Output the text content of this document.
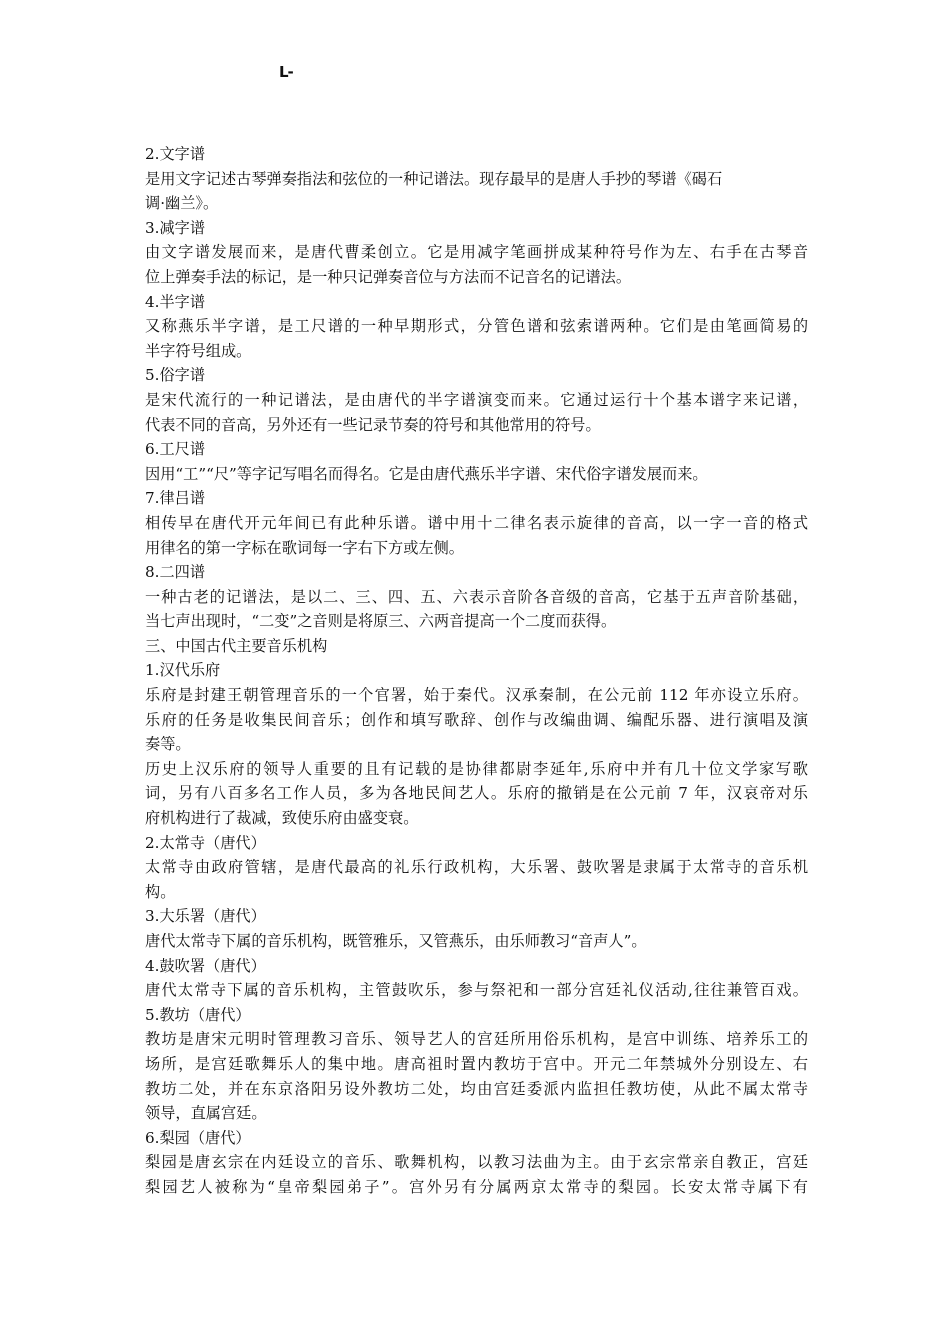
L-
2.文字谱
是用文字记述古琴弹奏指法和弦位的一种记谱法。现存最早的是唐人手抄的琴谱《碣石
调·幽兰》。
3.减字谱
由文字谱发展而来，是唐代曹柔创立。它是用减字笔画拼成某种符号作为左、右手在古琴音
位上弹奏手法的标记，是一种只记弹奏音位与方法而不记音名的记谱法。
4.半字谱
又称燕乐半字谱，是工尺谱的一种早期形式，分管色谱和弦索谱两种。它们是由笔画简易的
半字符号组成。
5.俗字谱
是宋代流行的一种记谱法，是由唐代的半字谱演变而来。它通过运行十个基本谱字来记谱，
代表不同的音高，另外还有一些记录节奏的符号和其他常用的符号。
6.工尺谱
因用“工”“尺”等字记写唱名而得名。它是由唐代燕乐半字谱、宋代俗字谱发展而来。
7.律吕谱
相传早在唐代开元年间已有此种乐谱。谱中用十二律名表示旋律的音高，以一字一音的格式
用律名的第一字标在歌词每一字右下方或左侧。
8.二四谱
一种古老的记谱法，是以二、三、四、五、六表示音阶各音级的音高，它基于五声音阶基础，
当七声出现时，“二变”之音则是将原三、六两音提高一个二度而获得。
三、中国古代主要音乐机构
1.汉代乐府
乐府是封建王朝管理音乐的一个官署，始于秦代。汉承秦制，在公元前 112 年亦设立乐府。
乐府的任务是收集民间音乐；创作和填写歌辞、创作与改编曲调、编配乐器、进行演唱及演
奏等。
历史上汉乐府的领导人重要的且有记载的是协律都尉李延年,乐府中并有几十位文学家写歌
词，另有八百多名工作人员，多为各地民间艺人。乐府的撤销是在公元前 7 年，汉哀帝对乐
府机构进行了裁减，致使乐府由盛变衰。
2.太常寺（唐代）
太常寺由政府管辖，是唐代最高的礼乐行政机构，大乐署、鼓吹署是隶属于太常寺的音乐机
构。
3.大乐署（唐代）
唐代太常寺下属的音乐机构，既管雅乐，又管燕乐，由乐师教习“音声人”。
4.鼓吹署（唐代）
唐代太常寺下属的音乐机构，主管鼓吹乐，参与祭祀和一部分宫廷礼仪活动,往往兼管百戏。
5.教坊（唐代）
教坊是唐宋元明时管理教习音乐、领导艺人的宫廷所用俗乐机构，是宫中训练、培养乐工的
场所，是宫廷歌舞乐人的集中地。唐高祖时置内教坊于宫中。开元二年禁城外分别设左、右
教坊二处，并在东京洛阳另设外教坊二处，均由宫廷委派内监担任教坊使，从此不属太常寺
领导，直属宫廷。
6.梨园（唐代）
梨园是唐玄宗在内廷设立的音乐、歌舞机构，以教习法曲为主。由于玄宗常亲自教正，宫廷
梨园艺人被称为“皇帝梨园弟子”。宫外另有分属两京太常寺的梨园。长安太常寺属下有
